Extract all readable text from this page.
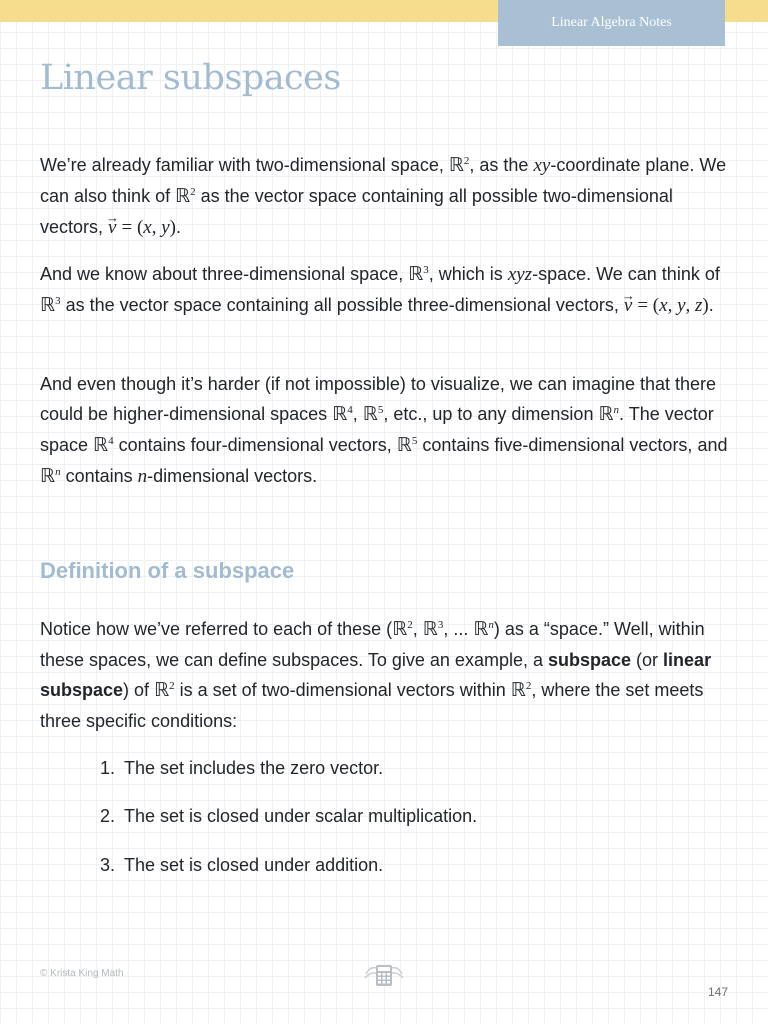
Linear Algebra Notes
Linear subspaces

We’re already familiar with two-dimensional space, ℝ$^2$, as the xy-coordinate plane. We can also think of ℝ$^2$ as the vector space containing all possible two-dimensional vectors, → v = (x, y).

And we know about three-dimensional space, ℝ$^3$, which is xyz-space. We can think of ℝ$^3$ as the vector space containing all possible three-dimensional vectors, → v = (x, y, z).

And even though it’s harder (if not impossible) to visualize, we can imagine that there could be higher-dimensional spaces ℝ$^4$, ℝ$^5$, etc., up to any dimension ℝ$^n$. The vector space ℝ$^4$ contains four-dimensional vectors, ℝ$^5$ contains five-dimensional vectors, and ℝ$^n$ contains n-dimensional vectors.

Definition of a subspace

Notice how we’ve referred to each of these (ℝ$^2$, ℝ$^3$, ... ℝ$^n$) as a “space.” Well, within these spaces, we can define subspaces. To give an example, a subspace (or linear subspace) of ℝ$^2$ is a set of two-dimensional vectors within ℝ$^2$, where the set meets three specific conditions:

1. The set includes the zero vector.
2. The set is closed under scalar multiplication.
3. The set is closed under addition.
© Krista King Math
147
